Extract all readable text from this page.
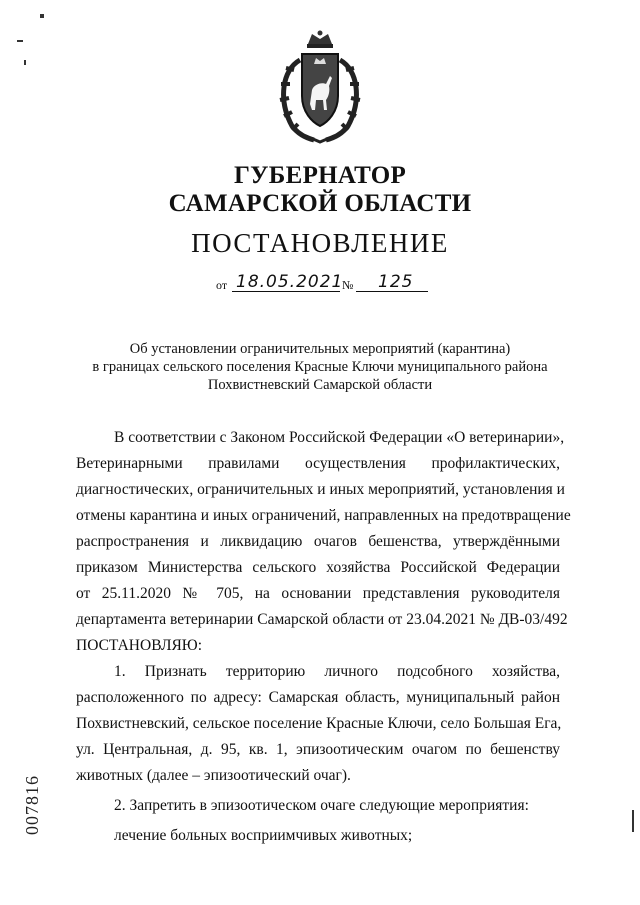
ГУБЕРНАТОР
САМАРСКОЙ ОБЛАСТИ
ПОСТАНОВЛЕНИЕ
от 18.05.2021
№ 125
Об установлении ограничительных мероприятий (карантина)
в границах сельского поселения Красные Ключи муниципального района
Похвистневский Самарской области
В соответствии с Законом Российской Федерации «О ветеринарии»,
Ветеринарными правилами осуществления профилактических,
диагностических, ограничительных и иных мероприятий, установления и
отмены карантина и иных ограничений, направленных на предотвращение
распространения и ликвидацию очагов бешенства, утверждёнными
приказом Министерства сельского хозяйства Российской Федерации
от 25.11.2020 № 705, на основании представления руководителя
департамента ветеринарии Самарской области от 23.04.2021 № ДВ-03/492
ПОСТАНОВЛЯЮ:
1. Признать территорию личного подсобного хозяйства,
расположенного по адресу: Самарская область, муниципальный район
Похвистневский, сельское поселение Красные Ключи, село Большая Ега,
ул. Центральная, д. 95, кв. 1, эпизоотическим очагом по бешенству
животных (далее – эпизоотический очаг).
2. Запретить в эпизоотическом очаге следующие мероприятия:
лечение больных восприимчивых животных;
007816
